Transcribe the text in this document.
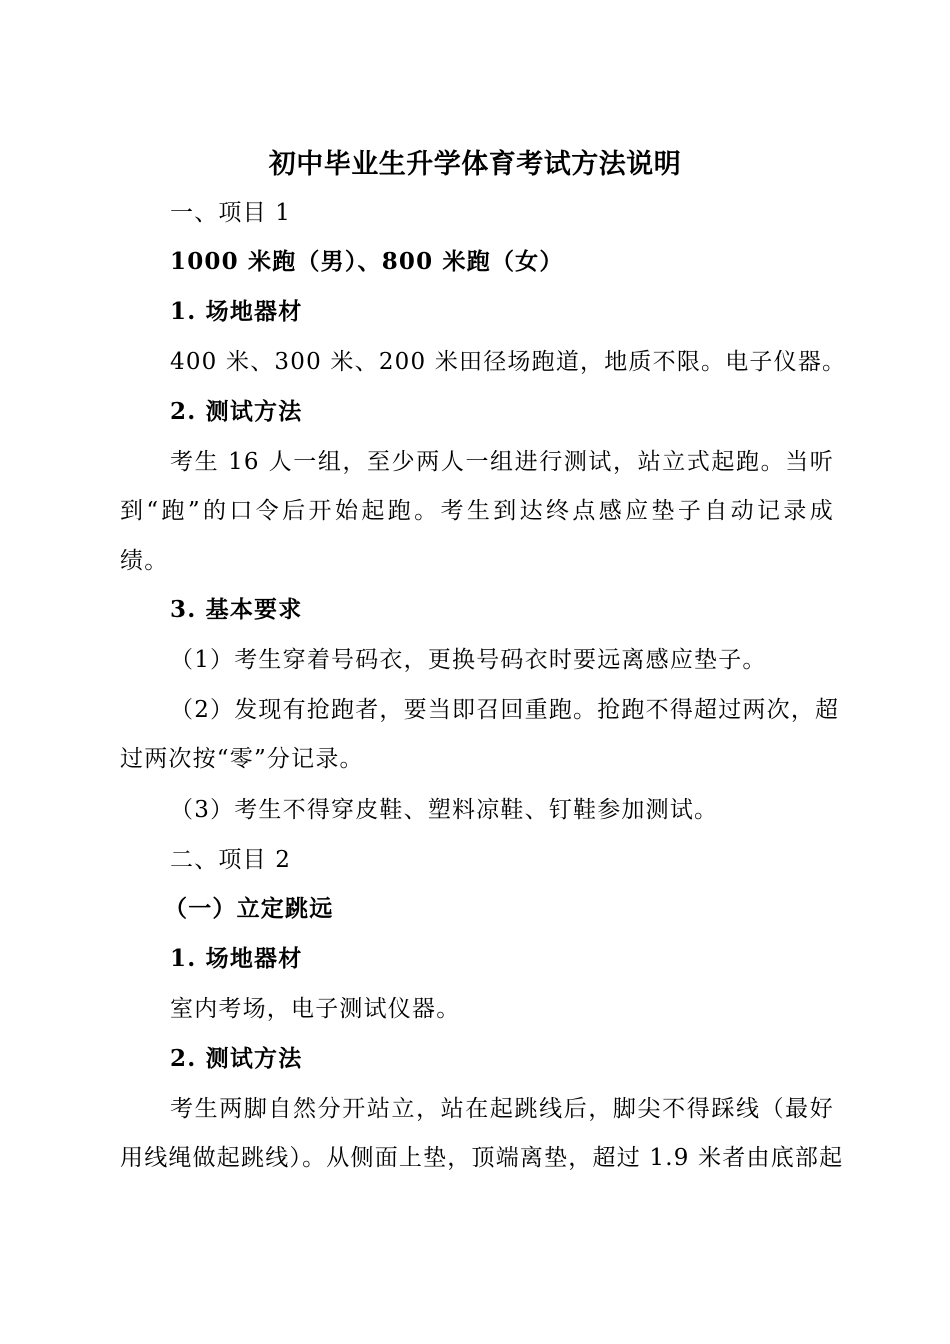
初中毕业生升学体育考试方法说明
一、项目 1
1000 米跑（男）、800 米跑（女）
1. 场地器材
400 米、300 米、200 米田径场跑道，地质不限。电子仪器。
2. 测试方法
考生 16 人一组，至少两人一组进行测试，站立式起跑。当听
到“跑”的口令后开始起跑。考生到达终点感应垫子自动记录成
绩。
3. 基本要求
（1）考生穿着号码衣，更换号码衣时要远离感应垫子。
（2）发现有抢跑者，要当即召回重跑。抢跑不得超过两次，超
过两次按“零”分记录。
（3）考生不得穿皮鞋、塑料凉鞋、钉鞋参加测试。
二、项目 2
（一）立定跳远
1. 场地器材
室内考场，电子测试仪器。
2. 测试方法
考生两脚自然分开站立，站在起跳线后，脚尖不得踩线（最好
用线绳做起跳线）。从侧面上垫，顶端离垫，超过 1.9 米者由底部起
